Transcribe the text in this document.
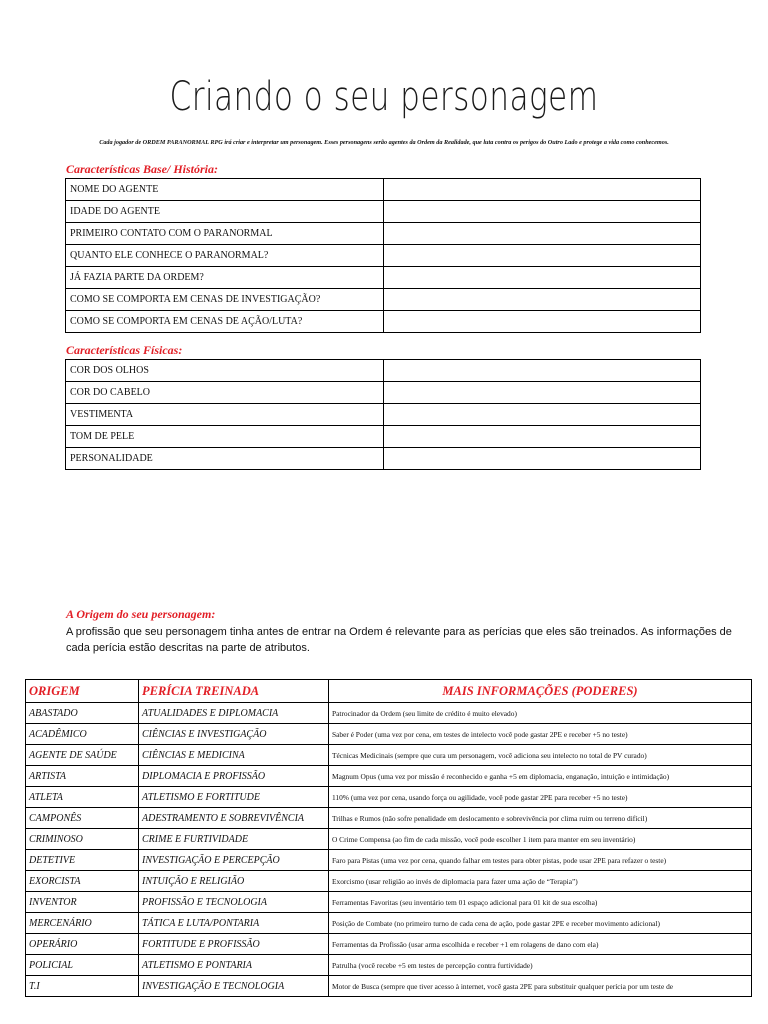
Criando o seu personagem
Cada jogador de ORDEM PARANORMAL RPG irá criar e interpretar um personagem. Esses personagens serão agentes da Ordem da Realidade, que luta contra os perigos do Outro Lado e protege a vida como conhecemos.
Características Base/ História:
NOME DO AGENTE	
IDADE DO AGENTE	
PRIMEIRO CONTATO COM O PARANORMAL	
QUANTO ELE CONHECE O PARANORMAL?	
JÁ FAZIA PARTE DA ORDEM?	
COMO SE COMPORTA EM CENAS DE INVESTIGAÇÃO?	
COMO SE COMPORTA EM CENAS DE AÇÃO/LUTA?	
Características Físicas:
COR DOS OLHOS	
COR DO CABELO	
VESTIMENTA	
TOM DE PELE	
PERSONALIDADE	
A Origem do seu personagem:
A profissão que seu personagem tinha antes de entrar na Ordem é relevante para as perícias que eles são treinados. As informações de cada perícia estão descritas na parte de atributos.
ORIGEM	PERÍCIA TREINADA	MAIS INFORMAÇÕES (PODERES)
ABASTADO	ATUALIDADES E DIPLOMACIA	Patrocinador da Ordem (seu limite de crédito é muito elevado)
ACADÊMICO	CIÊNCIAS E INVESTIGAÇÃO	Saber é Poder (uma vez por cena, em testes de intelecto você pode gastar 2PE e receber +5 no teste)
AGENTE DE SAÚDE	CIÊNCIAS E MEDICINA	Técnicas Medicinais (sempre que cura um personagem, você adiciona seu intelecto no total de PV curado)
ARTISTA	DIPLOMACIA E PROFISSÃO	Magnum Opus (uma vez por missão é reconhecido e ganha +5 em diplomacia, enganação, intuição e intimidação)
ATLETA	ATLETISMO E FORTITUDE	110% (uma vez por cena, usando força ou agilidade, você pode gastar 2PE para receber +5 no teste)
CAMPONÊS	ADESTRAMENTO E SOBREVIVÊNCIA	Trilhas e Rumos (não sofre penalidade em deslocamento e sobrevivência por clima ruim ou terreno difícil)
CRIMINOSO	CRIME E FURTIVIDADE	O Crime Compensa (ao fim de cada missão, você pode escolher 1 item para manter em seu inventário)
DETETIVE	INVESTIGAÇÃO E PERCEPÇÃO	Faro para Pistas (uma vez por cena, quando falhar em testes para obter pistas, pode usar 2PE para refazer o teste)
EXORCISTA	INTUIÇÃO E RELIGIÃO	Exorcismo (usar religião ao invés de diplomacia para fazer uma ação de “Terapia”)
INVENTOR	PROFISSÃO E TECNOLOGIA	Ferramentas Favoritas (seu inventário tem 01 espaço adicional para 01 kit de sua escolha)
MERCENÁRIO	TÁTICA E LUTA/PONTARIA	Posição de Combate (no primeiro turno de cada cena de ação, pode gastar 2PE e receber movimento adicional)
OPERÁRIO	FORTITUDE E PROFISSÃO	Ferramentas da Profissão (usar arma escolhida e receber +1 em rolagens de dano com ela)
POLICIAL	ATLETISMO E PONTARIA	Patrulha (você recebe +5 em testes de percepção contra furtividade)
T.I	INVESTIGAÇÃO E TECNOLOGIA	Motor de Busca (sempre que tiver acesso à internet, você gasta 2PE para substituir qualquer perícia por um teste de
